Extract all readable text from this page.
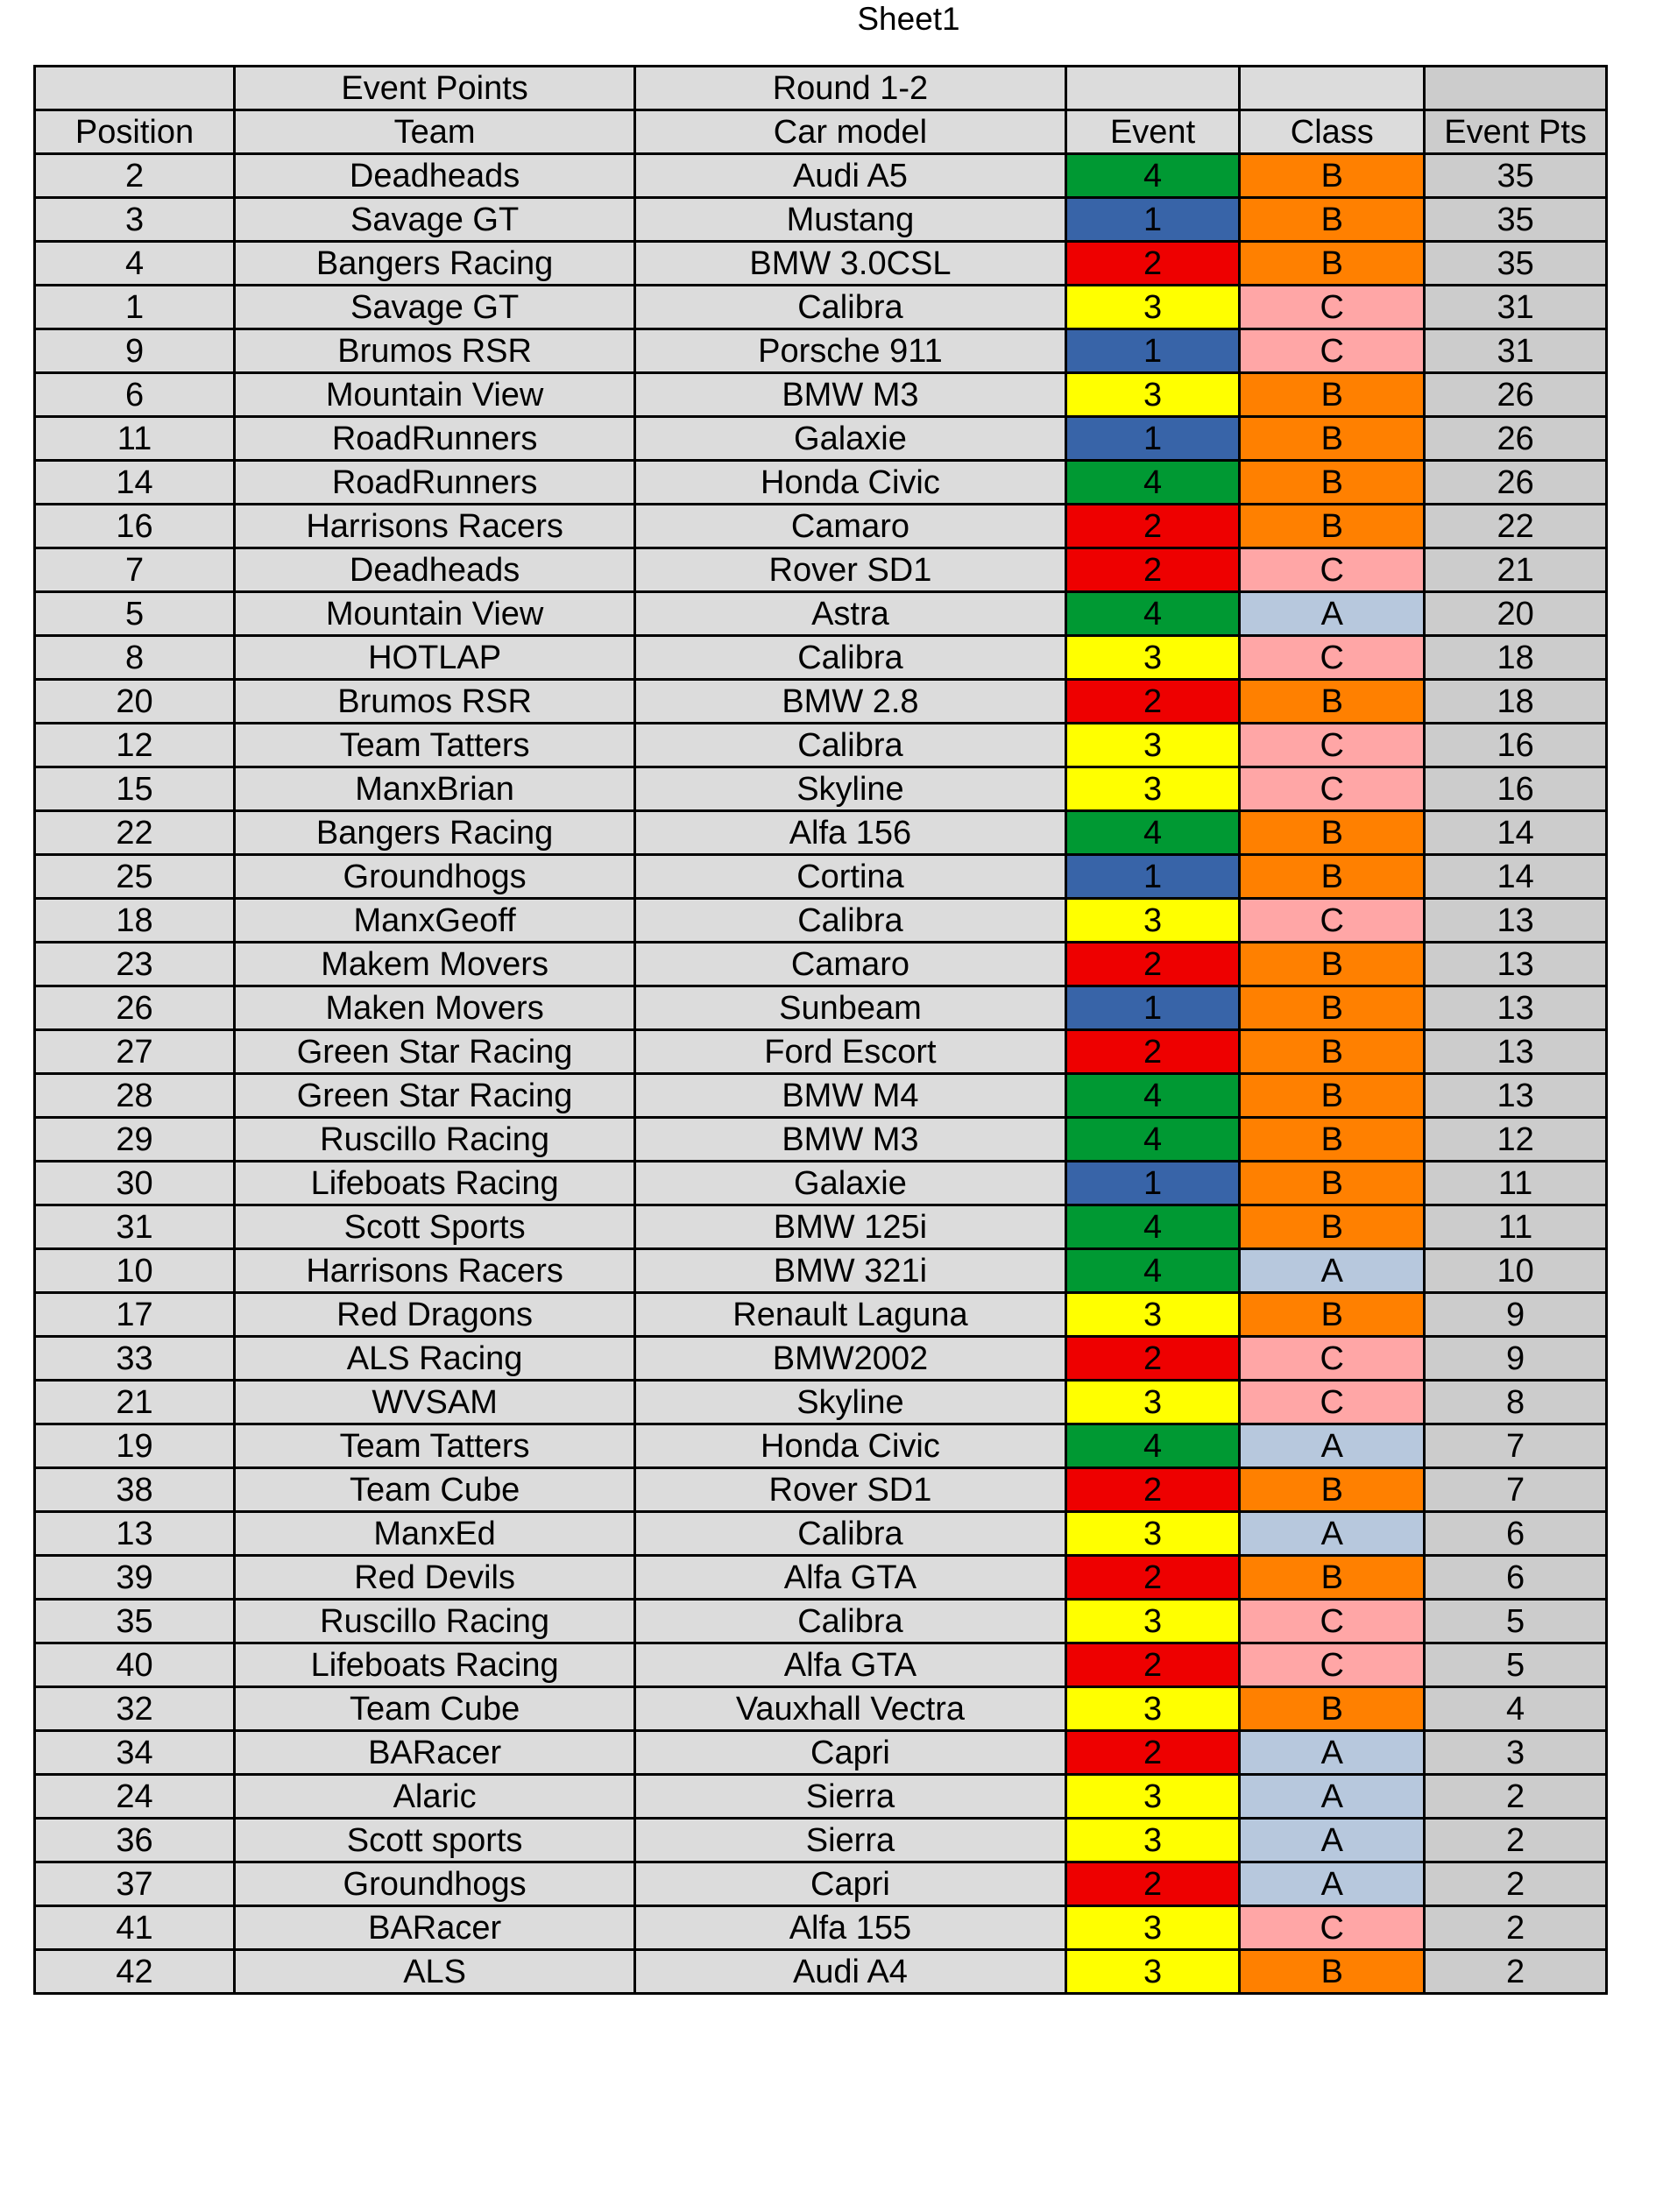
Sheet1
	Event Points	Round 1-2			
Position	Team	Car model	Event	Class	Event Pts
2	Deadheads	Audi A5	4	B	35
3	Savage GT	Mustang	1	B	35
4	Bangers Racing	BMW 3.0CSL	2	B	35
1	Savage GT	Calibra	3	C	31
9	Brumos RSR	Porsche 911	1	C	31
6	Mountain View	BMW M3	3	B	26
11	RoadRunners	Galaxie	1	B	26
14	RoadRunners	Honda Civic	4	B	26
16	Harrisons Racers	Camaro	2	B	22
7	Deadheads	Rover SD1	2	C	21
5	Mountain View	Astra	4	A	20
8	HOTLAP	Calibra	3	C	18
20	Brumos RSR	BMW 2.8	2	B	18
12	Team Tatters	Calibra	3	C	16
15	ManxBrian	Skyline	3	C	16
22	Bangers Racing	Alfa 156	4	B	14
25	Groundhogs	Cortina	1	B	14
18	ManxGeoff	Calibra	3	C	13
23	Makem Movers	Camaro	2	B	13
26	Maken Movers	Sunbeam	1	B	13
27	Green Star Racing	Ford Escort	2	B	13
28	Green Star Racing	BMW M4	4	B	13
29	Ruscillo Racing	BMW M3	4	B	12
30	Lifeboats Racing	Galaxie	1	B	11
31	Scott Sports	BMW 125i	4	B	11
10	Harrisons Racers	BMW 321i	4	A	10
17	Red Dragons	Renault Laguna	3	B	9
33	ALS Racing	BMW2002	2	C	9
21	WVSAM	Skyline	3	C	8
19	Team Tatters	Honda Civic	4	A	7
38	Team Cube	Rover SD1	2	B	7
13	ManxEd	Calibra	3	A	6
39	Red Devils	Alfa GTA	2	B	6
35	Ruscillo Racing	Calibra	3	C	5
40	Lifeboats Racing	Alfa GTA	2	C	5
32	Team Cube	Vauxhall Vectra	3	B	4
34	BARacer	Capri	2	A	3
24	Alaric	Sierra	3	A	2
36	Scott sports	Sierra	3	A	2
37	Groundhogs	Capri	2	A	2
41	BARacer	Alfa 155	3	C	2
42	ALS	Audi A4	3	B	2
